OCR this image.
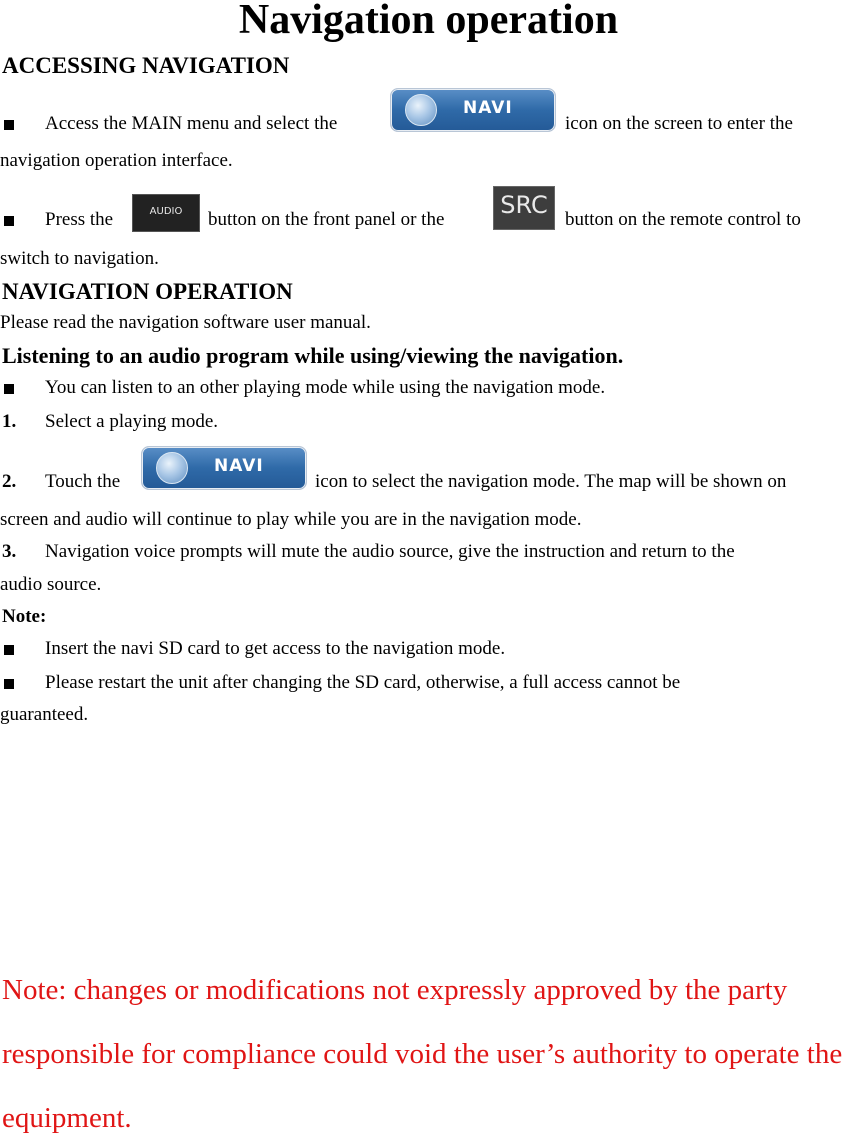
Navigation operation
ACCESSING NAVIGATION
Access the MAIN menu and select the
NAVI
icon on the screen to enter the
navigation operation interface.
Press the	AUDIO	button on the front panel or the
SRC
button on the remote control to
switch to navigation.
NAVIGATION OPERATION
Please read the navigation software user manual.
Listening to an audio program while using/viewing the navigation.
You can listen to an other playing mode while using the navigation mode.
1. Select a playing mode.
2. Touch the
NAVI
icon to select the navigation mode. The map will be shown on
screen and audio will continue to play while you are in the navigation mode.
3. Navigation voice prompts will mute the audio source, give the instruction and return to the
audio source.
Note:
Insert the navi SD card to get access to the navigation mode.
Please restart the unit after changing the SD card, otherwise, a full access cannot be
guaranteed.
Note: changes or modifications not expressly approved by the party
responsible for compliance could void the user’s authority to operate the
equipment.
